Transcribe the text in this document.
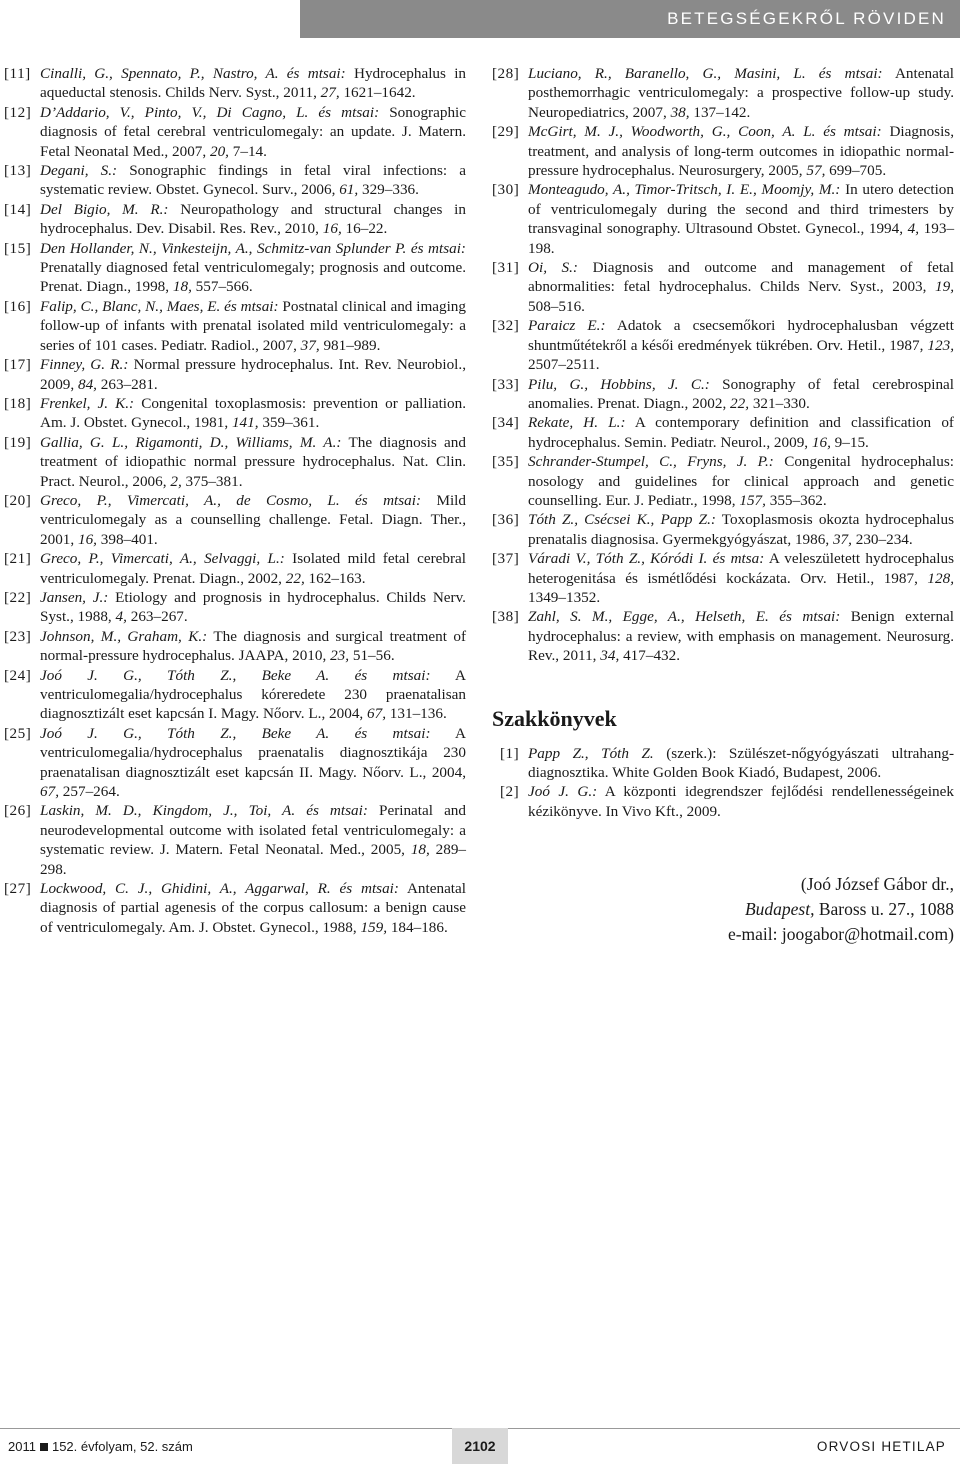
BETEGSÉGEKRŐL RÖVIDEN
[11] Cinalli, G., Spennato, P., Nastro, A. és mtsai: Hydrocephalus in aqueductal stenosis. Childs Nerv. Syst., 2011, 27, 1621–1642.
[12] D’Addario, V., Pinto, V., Di Cagno, L. és mtsai: Sonographic diagnosis of fetal cerebral ventriculomegaly: an update. J. Matern. Fetal Neonatal Med., 2007, 20, 7–14.
[13] Degani, S.: Sonographic findings in fetal viral infections: a systematic review. Obstet. Gynecol. Surv., 2006, 61, 329–336.
[14] Del Bigio, M. R.: Neuropathology and structural changes in hydrocephalus. Dev. Disabil. Res. Rev., 2010, 16, 16–22.
[15] Den Hollander, N., Vinkesteijn, A., Schmitz-van Splunder P. és mtsai: Prenatally diagnosed fetal ventriculomegaly; prognosis and outcome. Prenat. Diagn., 1998, 18, 557–566.
[16] Falip, C., Blanc, N., Maes, E. és mtsai: Postnatal clinical and imaging follow-up of infants with prenatal isolated mild ventriculomegaly: a series of 101 cases. Pediatr. Radiol., 2007, 37, 981–989.
[17] Finney, G. R.: Normal pressure hydrocephalus. Int. Rev. Neurobiol., 2009, 84, 263–281.
[18] Frenkel, J. K.: Congenital toxoplasmosis: prevention or palliation. Am. J. Obstet. Gynecol., 1981, 141, 359–361.
[19] Gallia, G. L., Rigamonti, D., Williams, M. A.: The diagnosis and treatment of idiopathic normal pressure hydrocephalus. Nat. Clin. Pract. Neurol., 2006, 2, 375–381.
[20] Greco, P., Vimercati, A., de Cosmo, L. és mtsai: Mild ventriculomegaly as a counselling challenge. Fetal. Diagn. Ther., 2001, 16, 398–401.
[21] Greco, P., Vimercati, A., Selvaggi, L.: Isolated mild fetal cerebral ventriculomegaly. Prenat. Diagn., 2002, 22, 162–163.
[22] Jansen, J.: Etiology and prognosis in hydrocephalus. Childs Nerv. Syst., 1988, 4, 263–267.
[23] Johnson, M., Graham, K.: The diagnosis and surgical treatment of normal-pressure hydrocephalus. JAAPA, 2010, 23, 51–56.
[24] Joó J. G., Tóth Z., Beke A. és mtsai: A ventriculomegalia/hydrocephalus kóreredete 230 praenatalisan diagnosztizált eset kapcsán I. Magy. Nőorv. L., 2004, 67, 131–136.
[25] Joó J. G., Tóth Z., Beke A. és mtsai: A ventriculomegalia/hydrocephalus praenatalis diagnosztikája 230 praenatalisan diagnosztizált eset kapcsán II. Magy. Nőorv. L., 2004, 67, 257–264.
[26] Laskin, M. D., Kingdom, J., Toi, A. és mtsai: Perinatal and neurodevelopmental outcome with isolated fetal ventriculomegaly: a systematic review. J. Matern. Fetal Neonatal. Med., 2005, 18, 289–298.
[27] Lockwood, C. J., Ghidini, A., Aggarwal, R. és mtsai: Antenatal diagnosis of partial agenesis of the corpus callosum: a benign cause of ventriculomegaly. Am. J. Obstet. Gynecol., 1988, 159, 184–186.
[28] Luciano, R., Baranello, G., Masini, L. és mtsai: Antenatal posthemorrhagic ventriculomegaly: a prospective follow-up study. Neuropediatrics, 2007, 38, 137–142.
[29] McGirt, M. J., Woodworth, G., Coon, A. L. és mtsai: Diagnosis, treatment, and analysis of long-term outcomes in idiopathic normal-pressure hydrocephalus. Neurosurgery, 2005, 57, 699–705.
[30] Monteagudo, A., Timor-Tritsch, I. E., Moomjy, M.: In utero detection of ventriculomegaly during the second and third trimesters by transvaginal sonography. Ultrasound Obstet. Gynecol., 1994, 4, 193–198.
[31] Oi, S.: Diagnosis and outcome and management of fetal abnormalities: fetal hydrocephalus. Childs Nerv. Syst., 2003, 19, 508–516.
[32] Paraicz E.: Adatok a csecsemőkori hydrocephalusban végzett shuntműtétekről a késői eredmények tükrében. Orv. Hetil., 1987, 123, 2507–2511.
[33] Pilu, G., Hobbins, J. C.: Sonography of fetal cerebrospinal anomalies. Prenat. Diagn., 2002, 22, 321–330.
[34] Rekate, H. L.: A contemporary definition and classification of hydrocephalus. Semin. Pediatr. Neurol., 2009, 16, 9–15.
[35] Schrander-Stumpel, C., Fryns, J. P.: Congenital hydrocephalus: nosology and guidelines for clinical approach and genetic counselling. Eur. J. Pediatr., 1998, 157, 355–362.
[36] Tóth Z., Csécsei K., Papp Z.: Toxoplasmosis okozta hydrocephalus prenatalis diagnosisa. Gyermekgyógyászat, 1986, 37, 230–234.
[37] Váradi V., Tóth Z., Kóródi I. és mtsa: A veleszületett hydrocephalus heterogenitása és ismétlődési kockázata. Orv. Hetil., 1987, 128, 1349–1352.
[38] Zahl, S. M., Egge, A., Helseth, E. és mtsai: Benign external hydrocephalus: a review, with emphasis on management. Neurosurg. Rev., 2011, 34, 417–432.
Szakkönyvek
[1] Papp Z., Tóth Z. (szerk.): Szülészet-nőgyógyászati ultrahang-diagnosztika. White Golden Book Kiadó, Budapest, 2006.
[2] Joó J. G.: A központi idegrendszer fejlődési rendellenességeinek kézikönyve. In Vivo Kft., 2009.
(Joó József Gábor dr.,
Budapest, Baross u. 27., 1088
e-mail: joogabor@hotmail.com)
2011 152. évfolyam, 52. szám	2102	ORVOSI HETILAP
